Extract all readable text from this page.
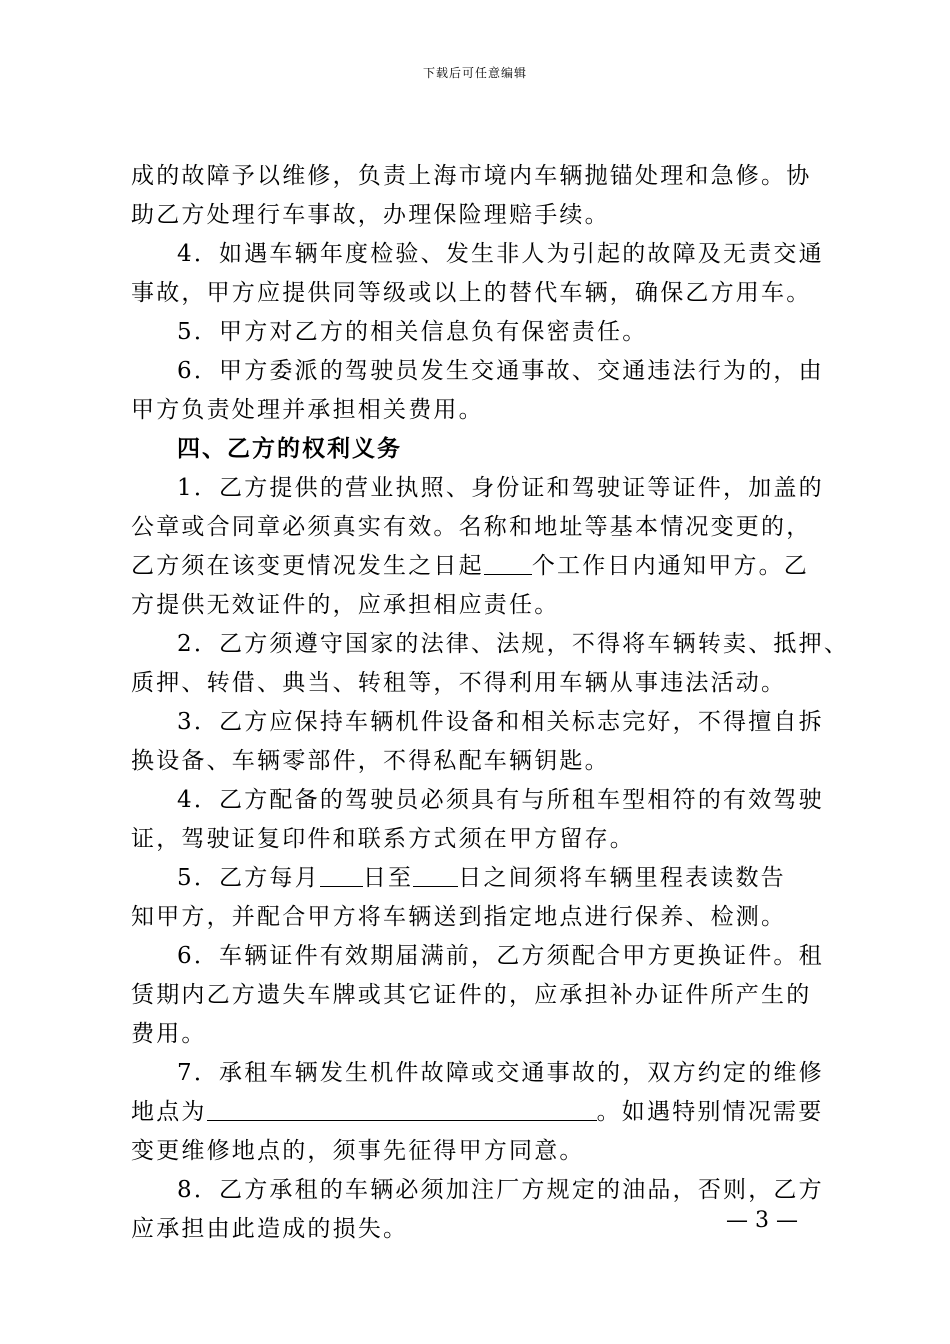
下载后可任意编辑
成的故障予以维修，负责上海市境内车辆抛锚处理和急修。协
助乙方处理行车事故，办理保险理赔手续。
4．如遇车辆年度检验、发生非人为引起的故障及无责交通
事故，甲方应提供同等级或以上的替代车辆，确保乙方用车。
5．甲方对乙方的相关信息负有保密责任。
6．甲方委派的驾驶员发生交通事故、交通违法行为的，由
甲方负责处理并承担相关费用。
四、乙方的权利义务
1．乙方提供的营业执照、身份证和驾驶证等证件，加盖的
公章或合同章必须真实有效。名称和地址等基本情况变更的，
乙方须在该变更情况发生之日起 个工作日内通知甲方。乙
方提供无效证件的，应承担相应责任。
2．乙方须遵守国家的法律、法规，不得将车辆转卖、抵押、
质押、转借、典当、转租等，不得利用车辆从事违法活动。
3．乙方应保持车辆机件设备和相关标志完好，不得擅自拆
换设备、车辆零部件，不得私配车辆钥匙。
4．乙方配备的驾驶员必须具有与所租车型相符的有效驾驶
证，驾驶证复印件和联系方式须在甲方留存。
5．乙方每月 日至 日之间须将车辆里程表读数告
知甲方，并配合甲方将车辆送到指定地点进行保养、检测。
6．车辆证件有效期届满前，乙方须配合甲方更换证件。租
赁期内乙方遗失车牌或其它证件的，应承担补办证件所产生的
费用。
7．承租车辆发生机件故障或交通事故的，双方约定的维修
地点为	。如遇特别情况需要
变更维修地点的，须事先征得甲方同意。
8．乙方承租的车辆必须加注厂方规定的油品，否则，乙方
应承担由此造成的损失。	— 3 —
